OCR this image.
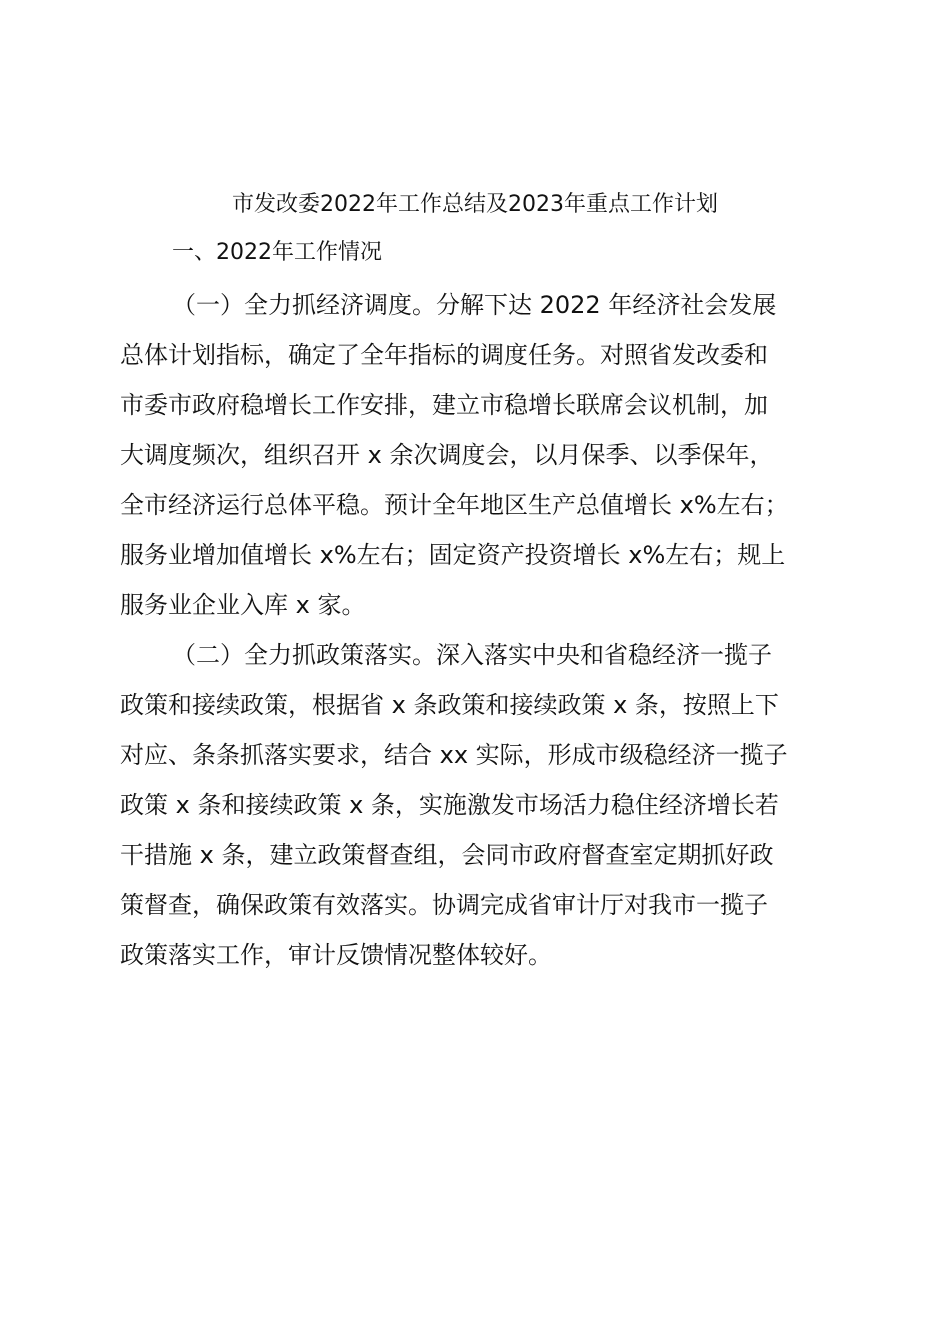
市发改委2022年工作总结及2023年重点工作计划
一、2022年工作情况

（一）全力抓经济调度。分解下达 2022 年经济社会发展

总体计划指标，确定了全年指标的调度任务。对照省发改委和

市委市政府稳增长工作安排，建立市稳增长联席会议机制，加

大调度频次，组织召开 x 余次调度会，以月保季、以季保年，

全市经济运行总体平稳。预计全年地区生产总值增长 x%左右；

服务业增加值增长 x%左右；固定资产投资增长 x%左右；规上

服务业企业入库 x 家。

（二）全力抓政策落实。深入落实中央和省稳经济一揽子

政策和接续政策，根据省 x 条政策和接续政策 x 条，按照上下

对应、条条抓落实要求，结合 xx 实际，形成市级稳经济一揽子

政策 x 条和接续政策 x 条，实施激发市场活力稳住经济增长若

干措施 x 条，建立政策督查组，会同市政府督查室定期抓好政

策督查，确保政策有效落实。协调完成省审计厅对我市一揽子

政策落实工作，审计反馈情况整体较好。
